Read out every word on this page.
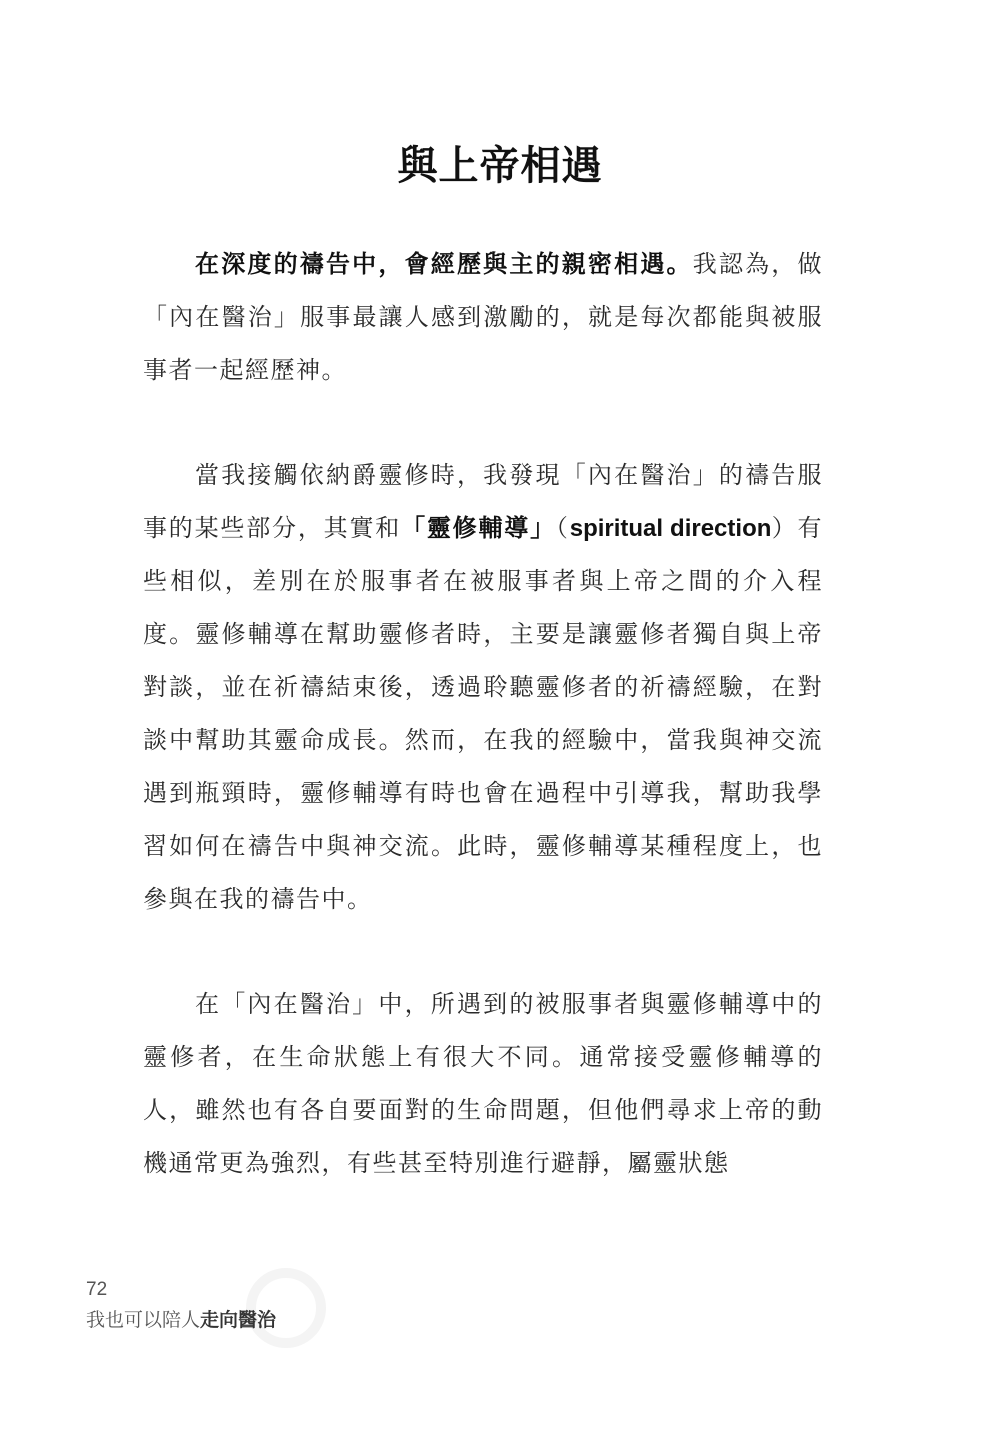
與上帝相遇

在深度的禱告中，會經歷與主的親密相遇。我認為，做「內在醫治」服事最讓人感到激勵的，就是每次都能與被服事者一起經歷神。

當我接觸依納爵靈修時，我發現「內在醫治」的禱告服事的某些部分，其實和「靈修輔導」（spiritual direction）有些相似，差別在於服事者在被服事者與上帝之間的介入程度。靈修輔導在幫助靈修者時，主要是讓靈修者獨自與上帝對談，並在祈禱結束後，透過聆聽靈修者的祈禱經驗，在對談中幫助其靈命成長。然而，在我的經驗中，當我與神交流遇到瓶頸時，靈修輔導有時也會在過程中引導我，幫助我學習如何在禱告中與神交流。此時，靈修輔導某種程度上，也參與在我的禱告中。

在「內在醫治」中，所遇到的被服事者與靈修輔導中的靈修者，在生命狀態上有很大不同。通常接受靈修輔導的人，雖然也有各自要面對的生命問題，但他們尋求上帝的動機通常更為強烈，有些甚至特別進行避靜，屬靈狀態

72
我也可以陪人走向醫治
